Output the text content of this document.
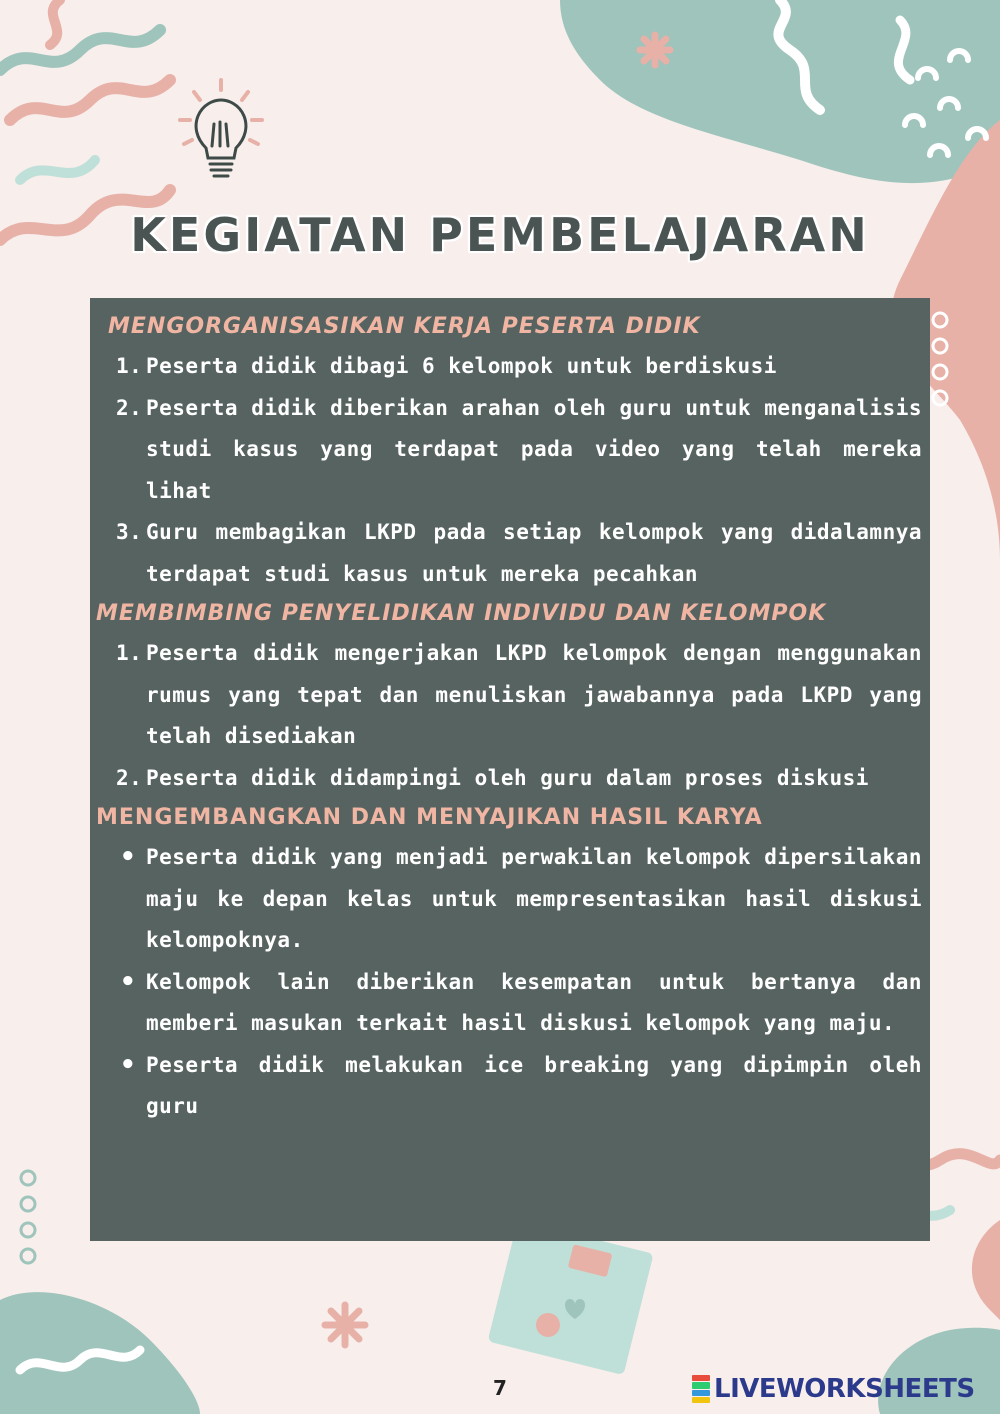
KEGIATAN PEMBELAJARAN

MENGORGANISASIKAN KERJA PESERTA DIDIK

1. Peserta didik dibagi 6 kelompok untuk berdiskusi

2. Peserta didik diberikan arahan oleh guru untuk menganalisis studi kasus yang terdapat pada video yang telah mereka lihat

3. Guru membagikan LKPD pada setiap kelompok yang didalamnya terdapat studi kasus untuk mereka pecahkan

MEMBIMBING PENYELIDIKAN INDIVIDU DAN KELOMPOK

1. Peserta didik mengerjakan LKPD kelompok dengan menggunakan rumus yang tepat dan menuliskan jawabannya pada LKPD yang telah disediakan

2. Peserta didik didampingi oleh guru dalam proses diskusi

MENGEMBANGKAN DAN MENYAJIKAN HASIL KARYA

• Peserta didik yang menjadi perwakilan kelompok dipersilakan maju ke depan kelas untuk mempresentasikan hasil diskusi kelompoknya.

• Kelompok lain diberikan kesempatan untuk bertanya dan memberi masukan terkait hasil diskusi kelompok yang maju.

• Peserta didik melakukan ice breaking yang dipimpin oleh guru

7	LIVEWORKSHEETS
